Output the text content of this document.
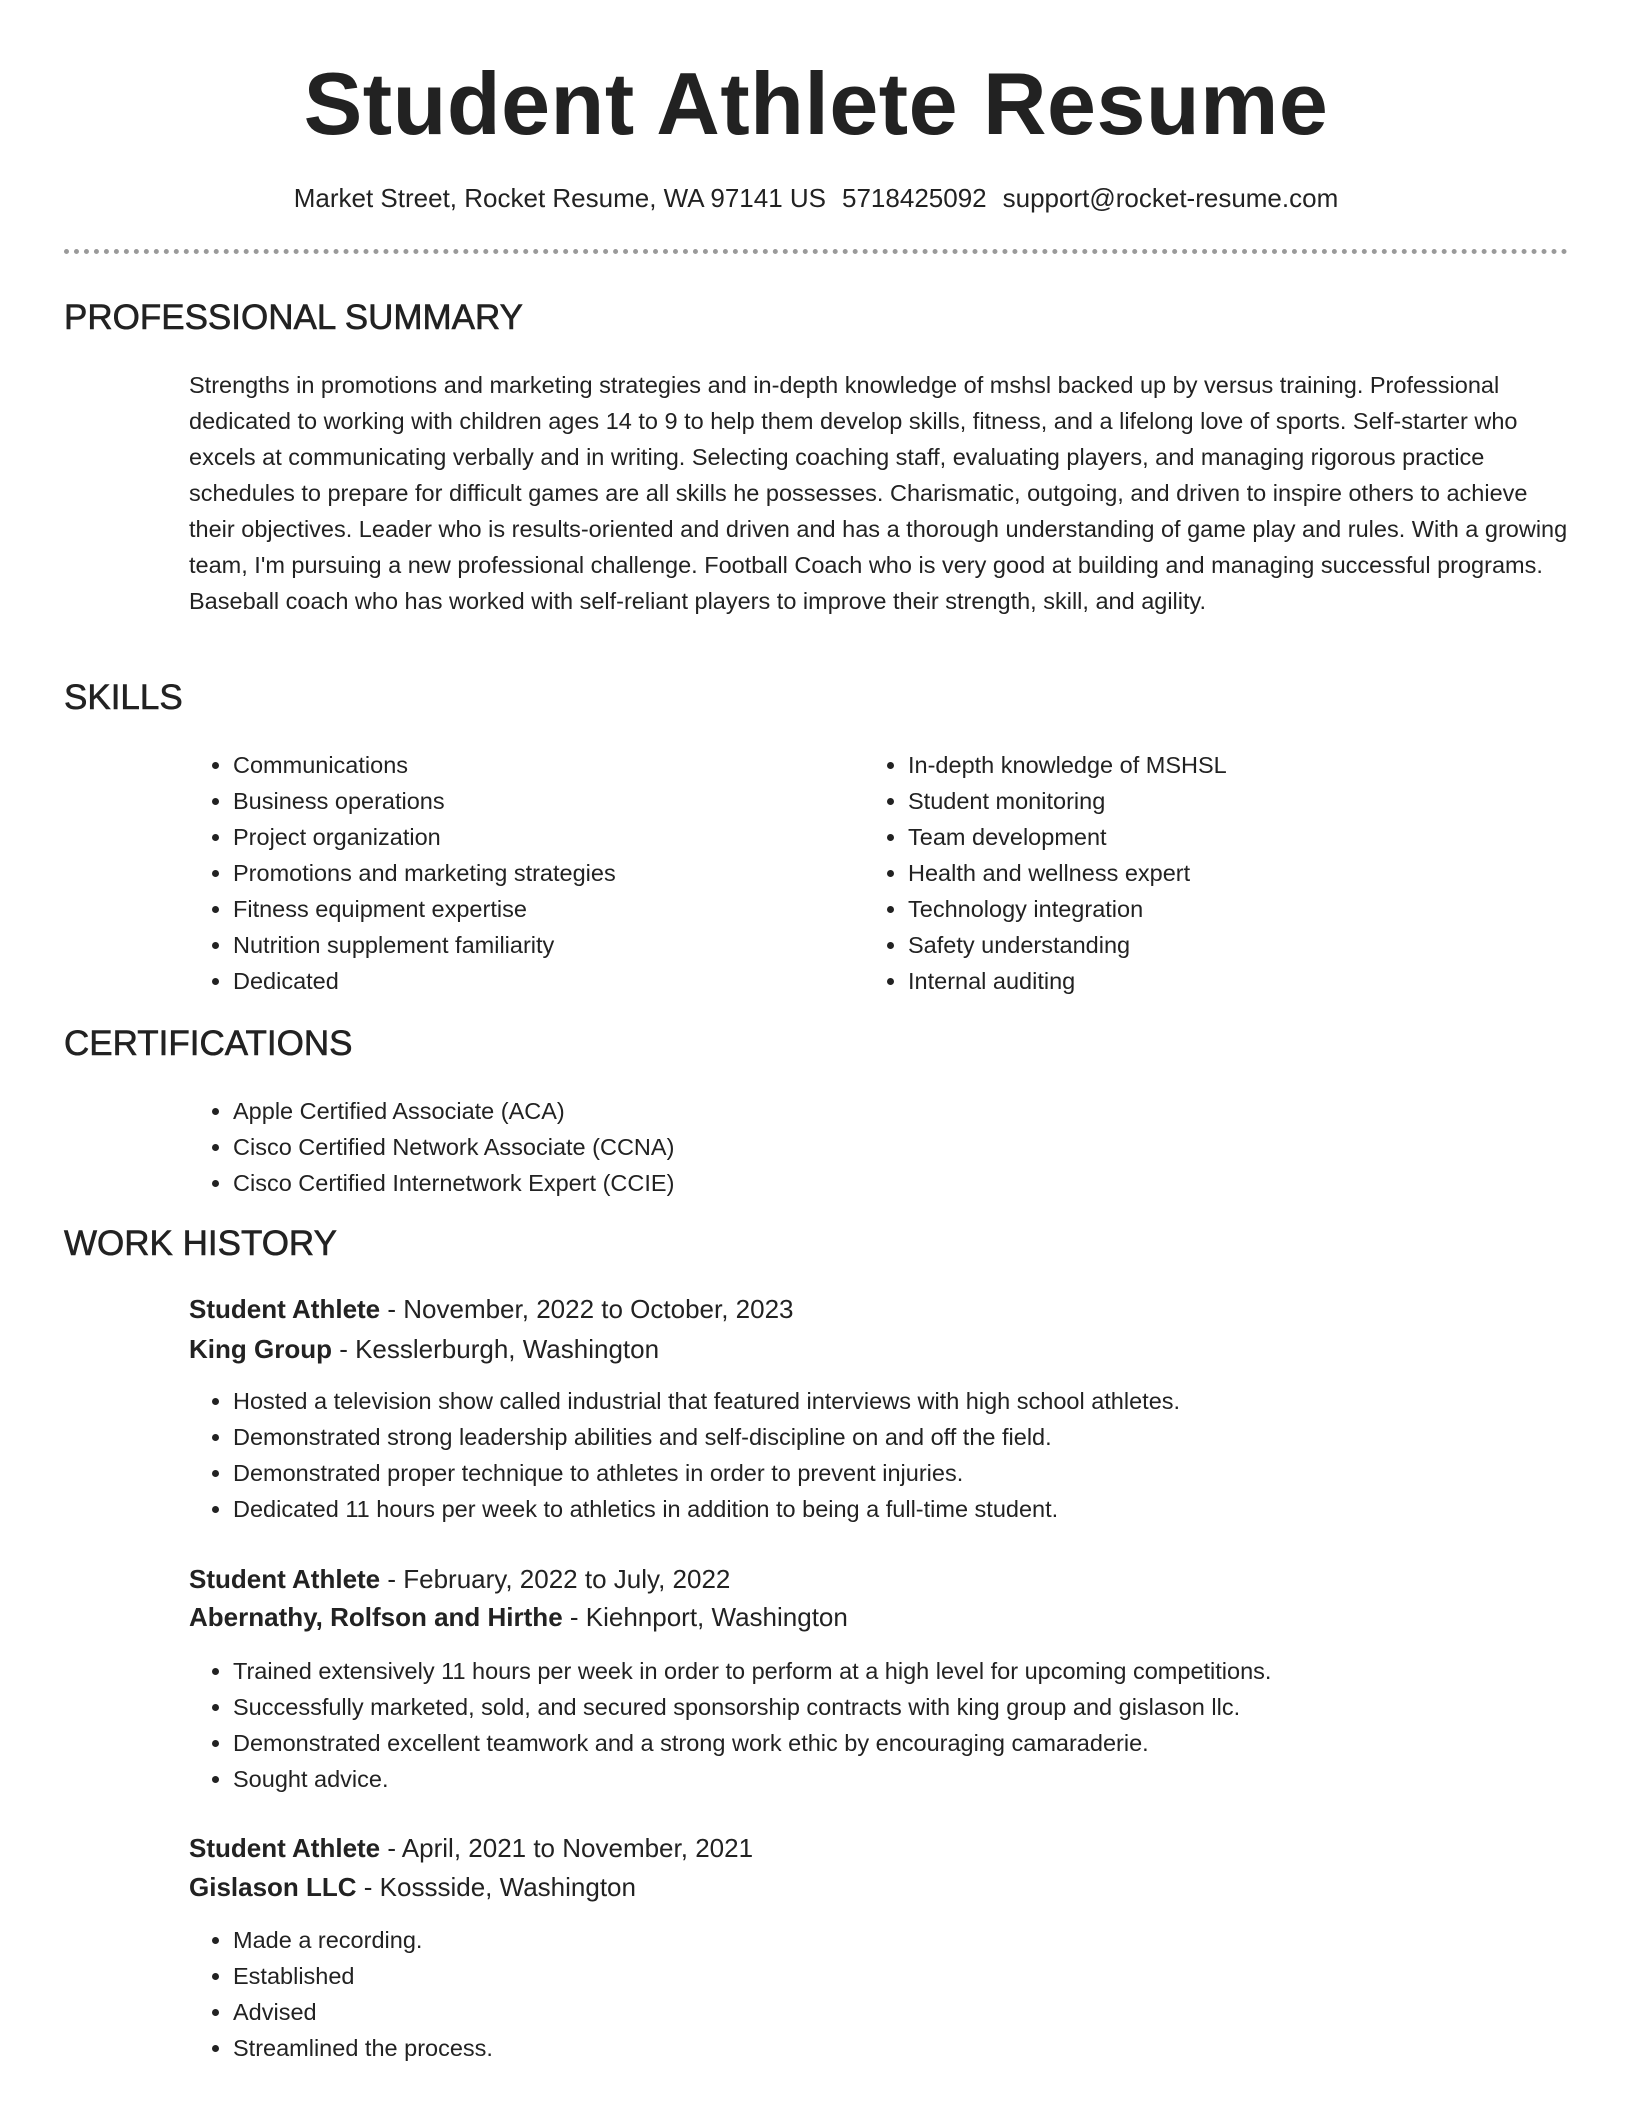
Student Athlete Resume
Market Street, Rocket Resume, WA 97141 US 5718425092 support@rocket-resume.com
PROFESSIONAL SUMMARY

Strengths in promotions and marketing strategies and in-depth knowledge of mshsl backed up by versus training. Professional dedicated to working with children ages 14 to 9 to help them develop skills, fitness, and a lifelong love of sports. Self-starter who excels at communicating verbally and in writing. Selecting coaching staff, evaluating players, and managing rigorous practice schedules to prepare for difficult games are all skills he possesses. Charismatic, outgoing, and driven to inspire others to achieve their objectives. Leader who is results-oriented and driven and has a thorough understanding of game play and rules. With a growing team, I'm pursuing a new professional challenge. Football Coach who is very good at building and managing successful programs. Baseball coach who has worked with self-reliant players to improve their strength, skill, and agility.

SKILLS
• Communications
• Business operations
• Project organization
• Promotions and marketing strategies
• Fitness equipment expertise
• Nutrition supplement familiarity
• Dedicated
• In-depth knowledge of MSHSL
• Student monitoring
• Team development
• Health and wellness expert
• Technology integration
• Safety understanding
• Internal auditing
CERTIFICATIONS
• Apple Certified Associate (ACA)
• Cisco Certified Network Associate (CCNA)
• Cisco Certified Internetwork Expert (CCIE)
WORK HISTORY
Student Athlete - November, 2022 to October, 2023
King Group - Kesslerburgh, Washington
• Hosted a television show called industrial that featured interviews with high school athletes.
• Demonstrated strong leadership abilities and self-discipline on and off the field.
• Demonstrated proper technique to athletes in order to prevent injuries.
• Dedicated 11 hours per week to athletics in addition to being a full-time student.
Student Athlete - February, 2022 to July, 2022
Abernathy, Rolfson and Hirthe - Kiehnport, Washington
• Trained extensively 11 hours per week in order to perform at a high level for upcoming competitions.
• Successfully marketed, sold, and secured sponsorship contracts with king group and gislason llc.
• Demonstrated excellent teamwork and a strong work ethic by encouraging camaraderie.
• Sought advice.
Student Athlete - April, 2021 to November, 2021
Gislason LLC - Kossside, Washington
• Made a recording.
• Established
• Advised
• Streamlined the process.
